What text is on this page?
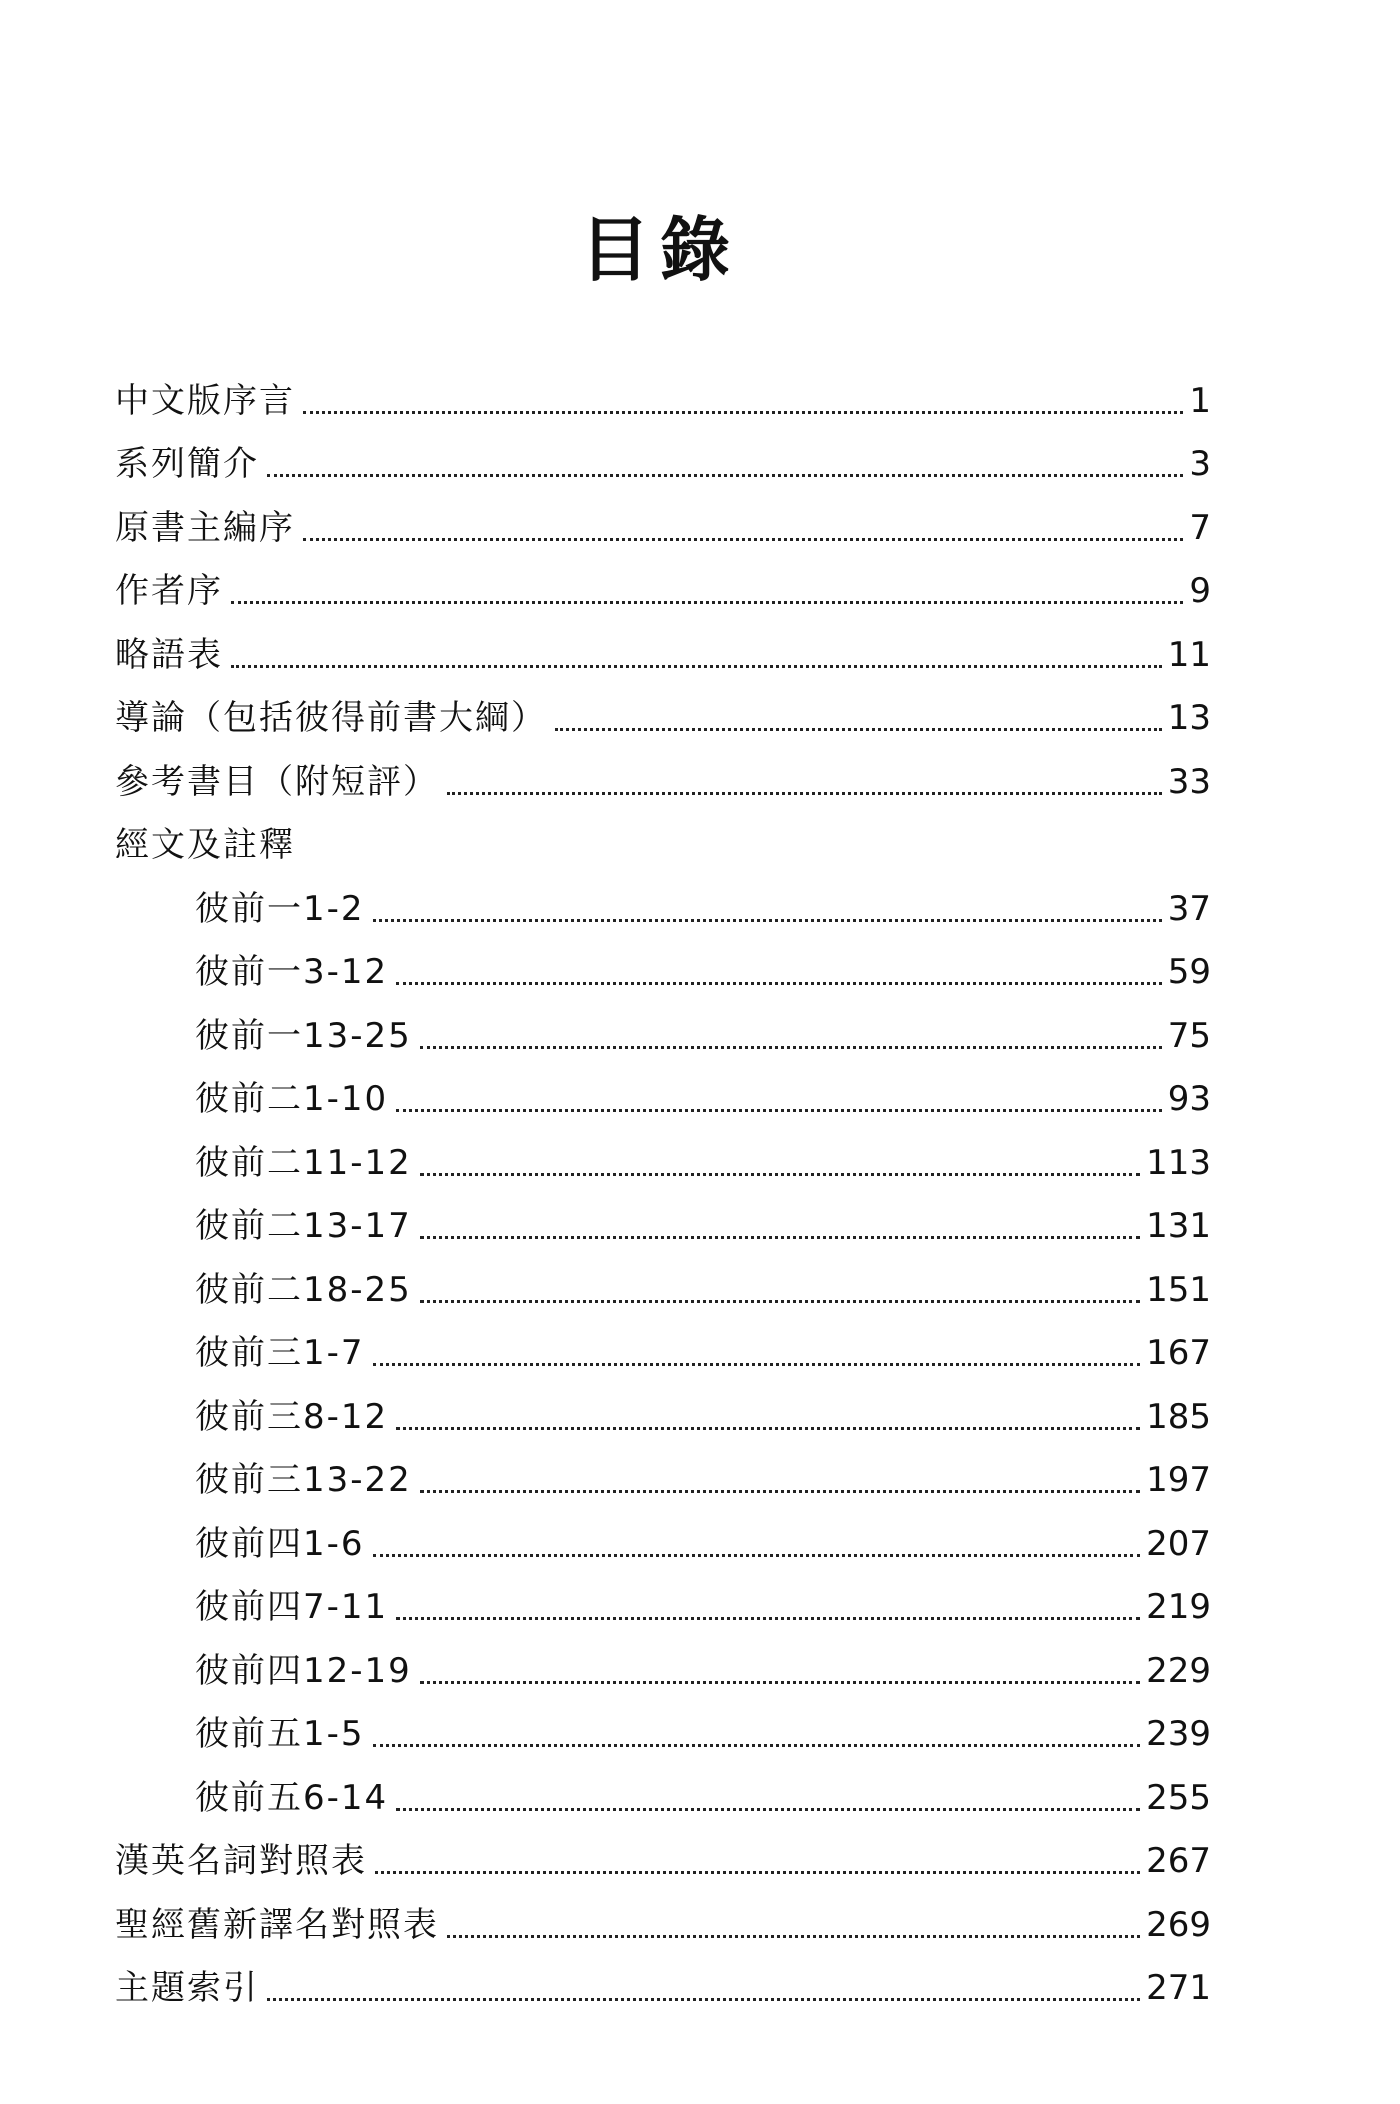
目錄
中文版序言	1
系列簡介	3
原書主編序	7
作者序	9
略語表	11
導論（包括彼得前書大綱）	13
參考書目（附短評）	33
經文及註釋
彼前一1-2	37
彼前一3-12	59
彼前一13-25	75
彼前二1-10	93
彼前二11-12	113
彼前二13-17	131
彼前二18-25	151
彼前三1-7	167
彼前三8-12	185
彼前三13-22	197
彼前四1-6	207
彼前四7-11	219
彼前四12-19	229
彼前五1-5	239
彼前五6-14	255
漢英名詞對照表	267
聖經舊新譯名對照表	269
主題索引	271
